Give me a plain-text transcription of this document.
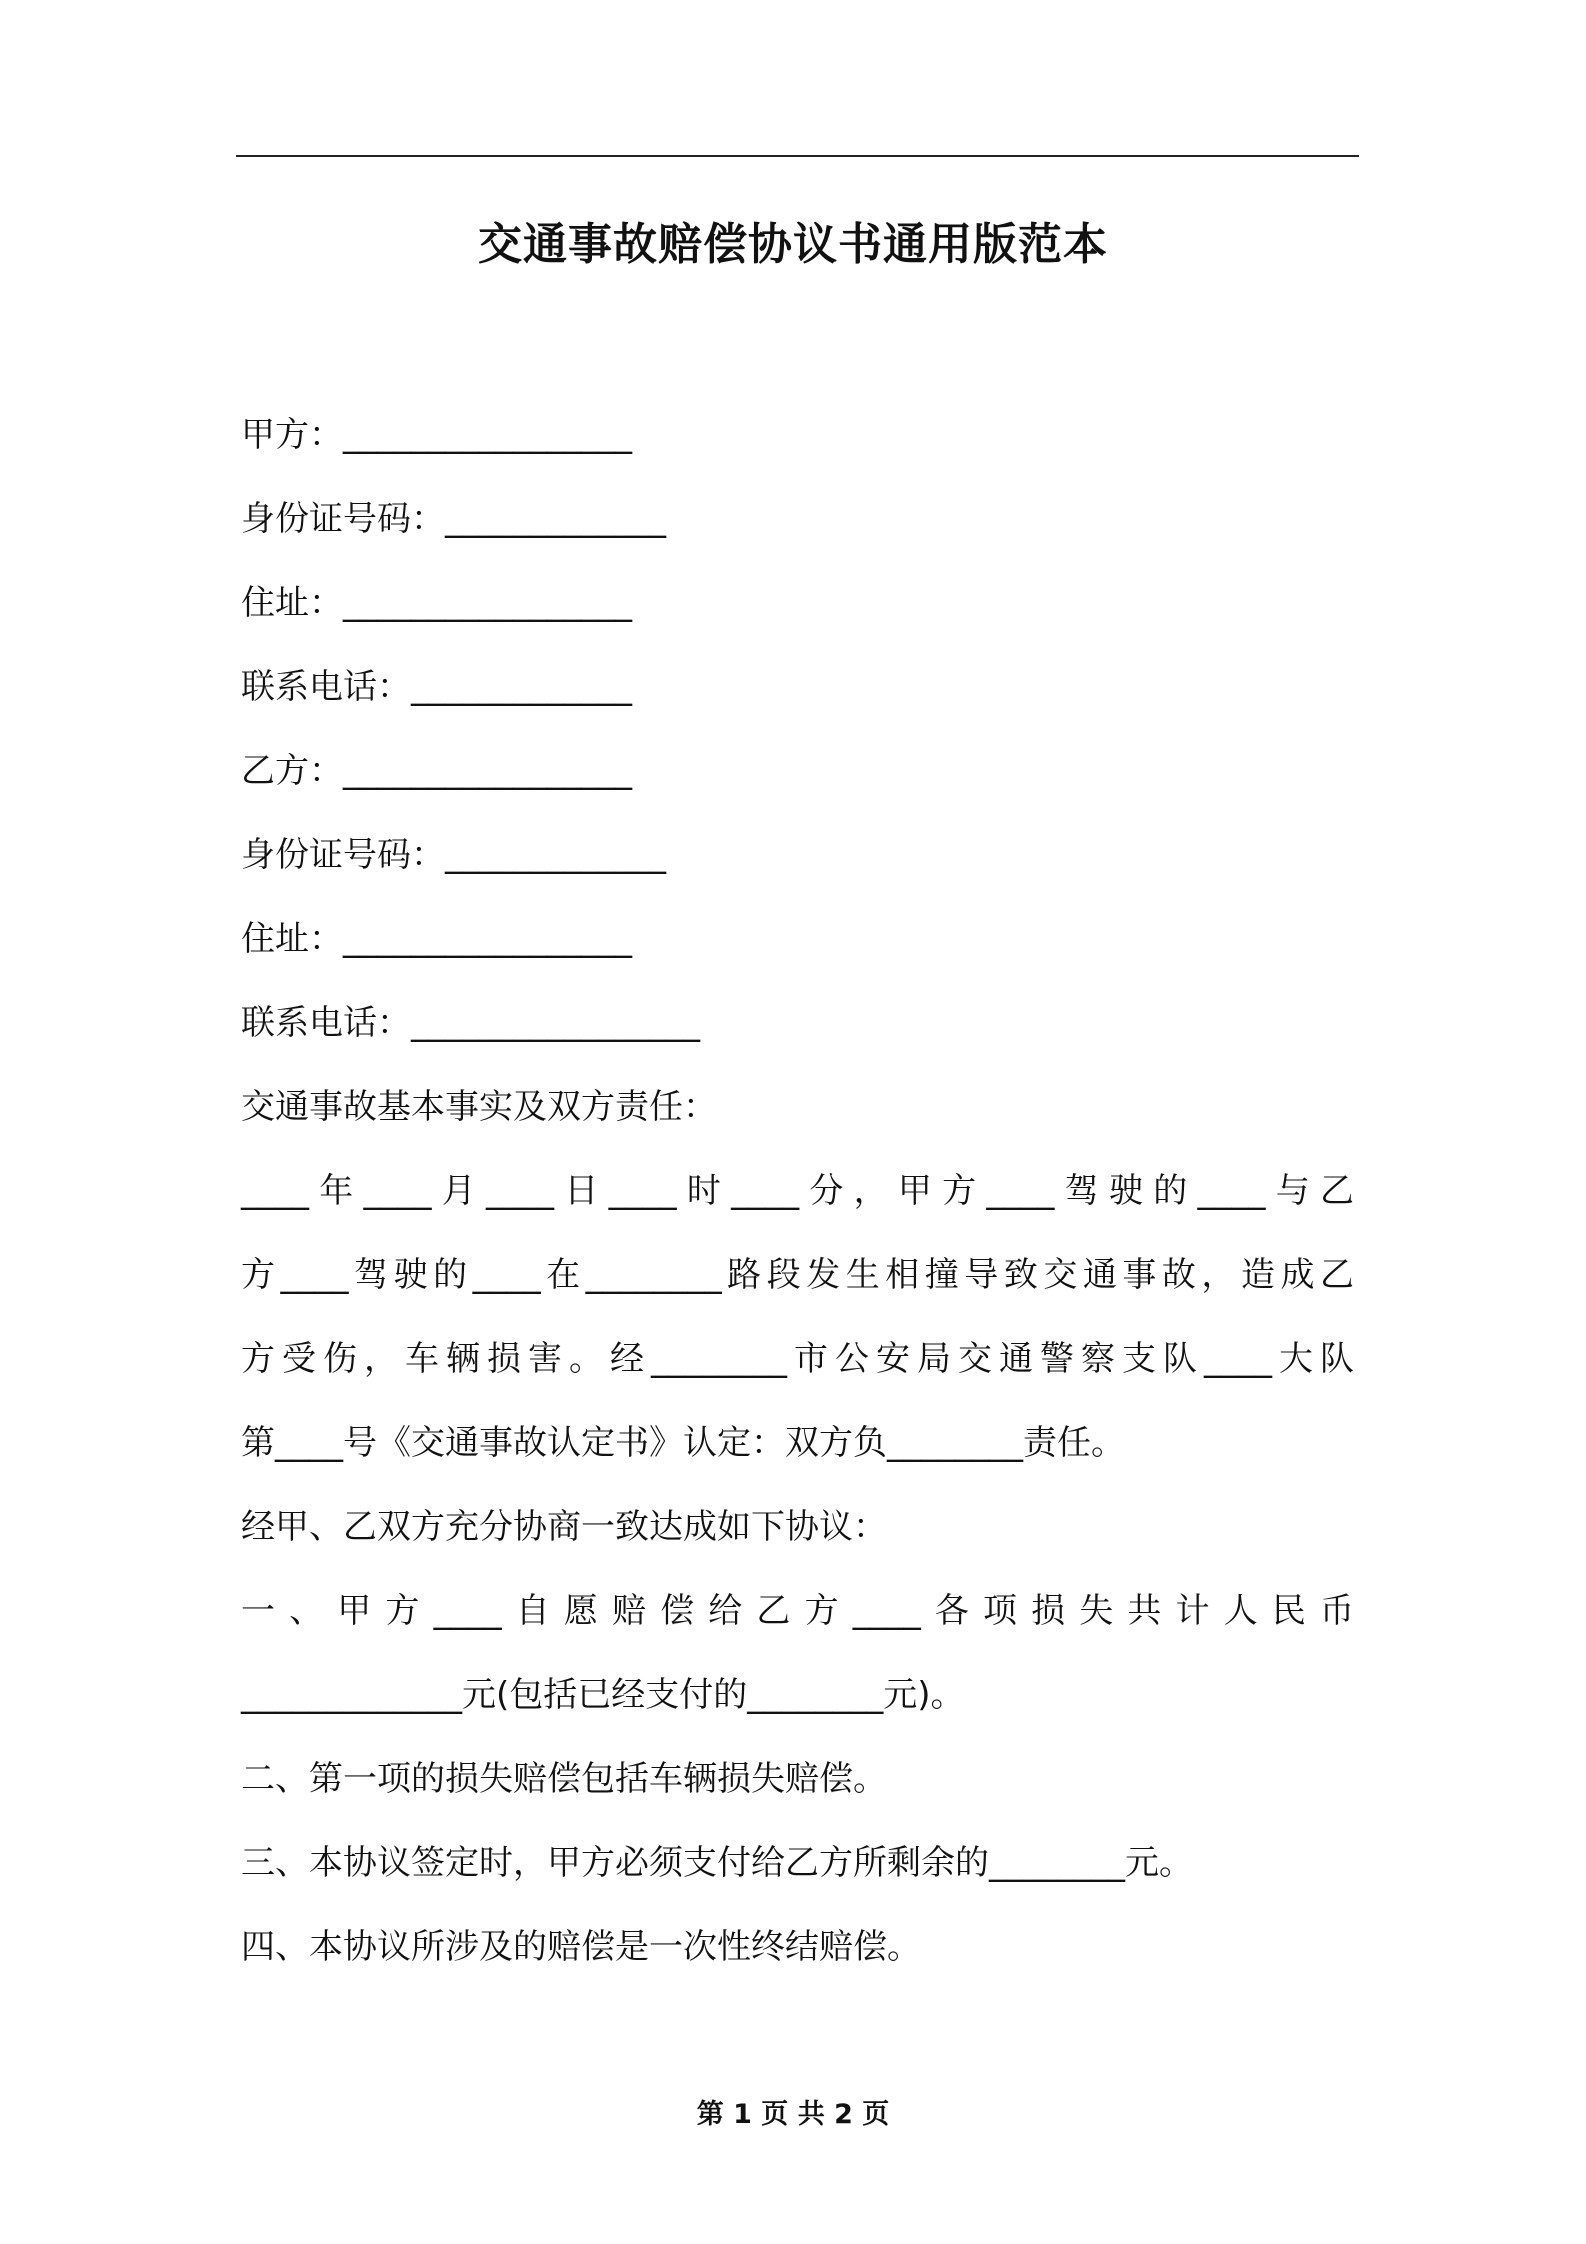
交通事故赔偿协议书通用版范本
甲方：_________________
身份证号码：_____________
住址：_________________
联系电话：_____________
乙方：_________________
身份证号码：_____________
住址：_________________
联系电话：_________________
交通事故基本事实及双方责任：
____年____月____日____时____分，甲方____驾驶的____与乙
方____驾驶的____在________路段发生相撞导致交通事故，造成乙
方受伤，车辆损害。经________市公安局交通警察支队____大队
第____号《交通事故认定书》认定：双方负________责任。
经甲、乙双方充分协商一致达成如下协议：
一、甲方____自愿赔偿给乙方____各项损失共计人民币
_____________元(包括已经支付的________元)。
二、第一项的损失赔偿包括车辆损失赔偿。
三、本协议签定时，甲方必须支付给乙方所剩余的________元。
四、本协议所涉及的赔偿是一次性终结赔偿。
第 1 页 共 2 页
